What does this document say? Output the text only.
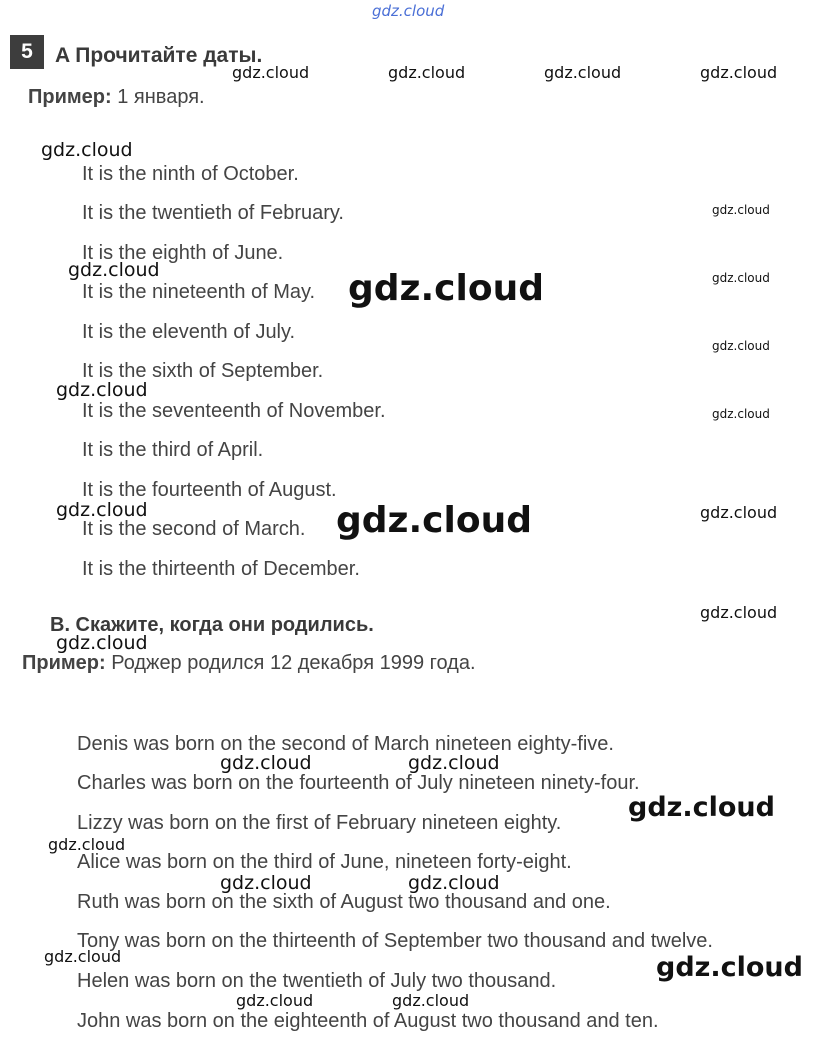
gdz.cloud
5	A Прочитайте даты.
Пример: 1 января.
It is the ninth of October.
It is the twentieth of February.
It is the eighth of June.
It is the nineteenth of May.
It is the eleventh of July.
It is the sixth of September.
It is the seventeenth of November.
It is the third of April.
It is the fourteenth of August.
It is the second of March.
It is the thirteenth of December.
B. Скажите, когда они родились.
Пример: Роджер родился 12 декабря 1999 года.
Denis was born on the second of March nineteen eighty-five.
Charles was born on the fourteenth of July nineteen ninety-four.
Lizzy was born on the first of February nineteen eighty.
Alice was born on the third of June, nineteen forty-eight.
Ruth was born on the sixth of August two thousand and one.
Tony was born on the thirteenth of September two thousand and twelve.
Helen was born on the twentieth of July two thousand.
John was born on the eighteenth of August two thousand and ten.
gdz.cloud	gdz.cloud	gdz.cloud	gdz.cloud
gdz.cloud
gdz.cloud
gdz.cloud	gdz.cloud	gdz.cloud
gdz.cloud
gdz.cloud
gdz.cloud
gdz.cloud	gdz.cloud	gdz.cloud
gdz.cloud
gdz.cloud
gdz.cloud	gdz.cloud
gdz.cloud
gdz.cloud
gdz.cloud	gdz.cloud
gdz.cloud	gdz.cloud
gdz.cloud	gdz.cloud
